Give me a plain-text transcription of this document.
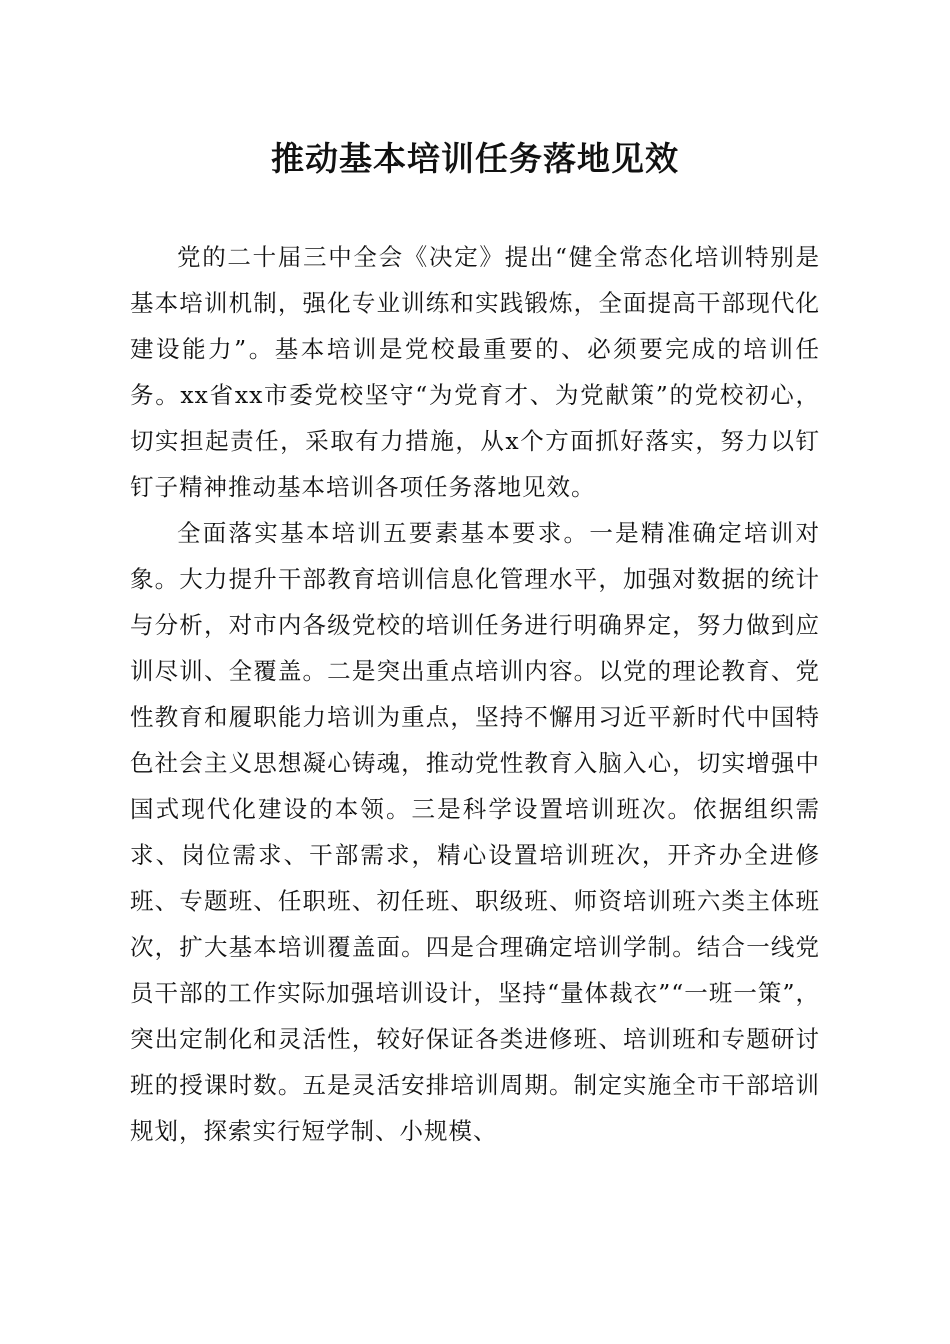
推动基本培训任务落地见效

党的二十届三中全会《决定》提出“健全常态化培训特别是基本培训机制，强化专业训练和实践锻炼，全面提高干部现代化建设能力”。基本培训是党校最重要的、必须要完成的培训任务。xx省xx市委党校坚守“为党育才、为党献策”的党校初心，切实担起责任，采取有力措施，从x个方面抓好落实，努力以钉钉子精神推动基本培训各项任务落地见效。

全面落实基本培训五要素基本要求。一是精准确定培训对象。大力提升干部教育培训信息化管理水平，加强对数据的统计与分析，对市内各级党校的培训任务进行明确界定，努力做到应训尽训、全覆盖。二是突出重点培训内容。以党的理论教育、党性教育和履职能力培训为重点，坚持不懈用习近平新时代中国特色社会主义思想凝心铸魂，推动党性教育入脑入心，切实增强中国式现代化建设的本领。三是科学设置培训班次。依据组织需求、岗位需求、干部需求，精心设置培训班次，开齐办全进修班、专题班、任职班、初任班、职级班、师资培训班六类主体班次，扩大基本培训覆盖面。四是合理确定培训学制。结合一线党员干部的工作实际加强培训设计，坚持“量体裁衣”“一班一策”，突出定制化和灵活性，较好保证各类进修班、培训班和专题研讨班的授课时数。五是灵活安排培训周期。制定实施全市干部培训规划，探索实行短学制、小规模、
